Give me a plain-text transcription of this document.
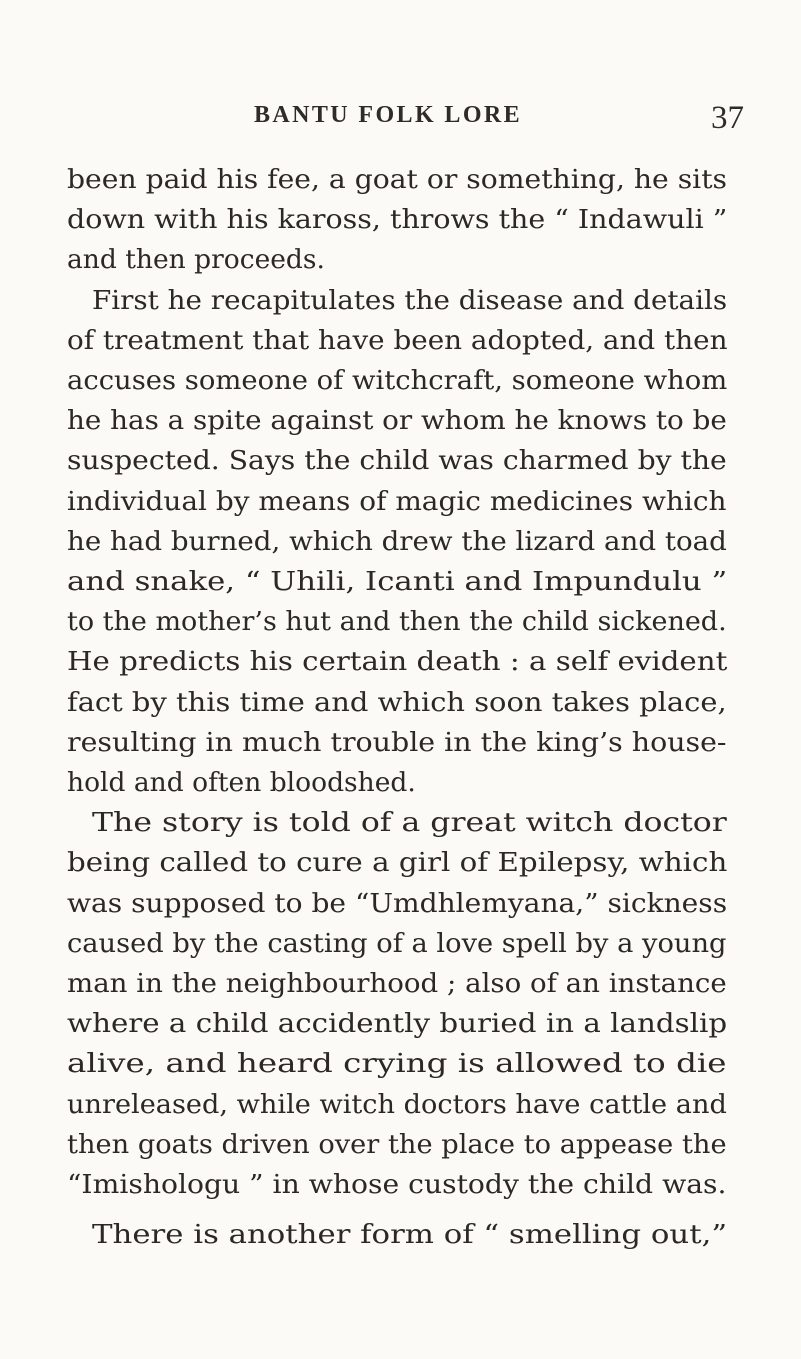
BANTU FOLK LORE	37
been paid his fee, a goat or something, he sits
down with his kaross, throws the “ Indawuli ”
and then proceeds.
First he recapitulates the disease and details
of treatment that have been adopted, and then
accuses someone of witchcraft, someone whom
he has a spite against or whom he knows to be
suspected. Says the child was charmed by the
individual by means of magic medicines which
he had burned, which drew the lizard and toad
and snake, “ Uhili, Icanti and Impundulu ”
to the mother’s hut and then the child sickened.
He predicts his certain death : a self evident
fact by this time and which soon takes place,
resulting in much trouble in the king’s house-
hold and often bloodshed.
The story is told of a great witch doctor
being called to cure a girl of Epilepsy, which
was supposed to be “Umdhlemyana,” sickness
caused by the casting of a love spell by a young
man in the neighbourhood ; also of an instance
where a child accidently buried in a landslip
alive, and heard crying is allowed to die
unreleased, while witch doctors have cattle and
then goats driven over the place to appease the
“Imishologu ” in whose custody the child was.
There is another form of “ smelling out,”
